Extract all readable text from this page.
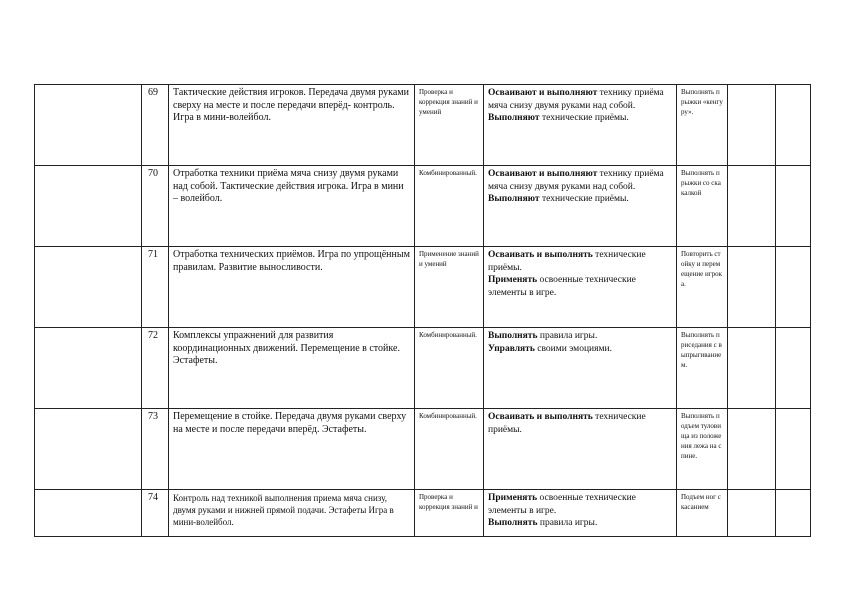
	69	Тактические действия игроков. Передача двумя руками сверху на месте и после передачи вперёд- контроль. Игра в мини-волейбол.	Проверка и коррекция знаний и умений	Осваивают и выполняют технику приёма мяча снизу двумя руками над собой.
Выполняют технические приёмы.	Выполнять прыжки «кенгуру».		
	70	Отработка техники приёма мяча снизу двумя руками над собой. Тактические действия игрока. Игра в мини – волейбол.	Комбинированный.	Осваивают и выполняют технику приёма мяча снизу двумя руками над собой.
Выполняют технические приёмы.	Выполнять прыжки со скакалкой		
	71	Отработка технических приёмов. Игра по упрощённым правилам. Развитие выносливости.	Применение знаний и умений	Осваивать и выполнять технические приёмы.
Применять освоенные технические элементы в игре.	Повторить стойку и перемещение игрока.		
	72	Комплексы упражнений для развития координационных движений. Перемещение в стойке. Эстафеты.	Комбинированный.	Выполнять правила игры.
Управлять своими эмоциями.	Выполнять приседания с выпрыгиванием.		
	73	Перемещение в стойке. Передача двумя руками сверху на месте и после передачи вперёд. Эстафеты.	Комбинированный.	Осваивать и выполнять технические приёмы.	Выполнять подъем туловища из положения лежа на спине.		
	74	Контроль над техникой выполнения приема мяча снизу, двумя руками и нижней прямой подачи. Эстафеты Игра в мини-волейбол.	Проверка и коррекция знаний и	Применять освоенные технические элементы в игре.
Выполнять правила игры.	Подъем ног с касанием		
